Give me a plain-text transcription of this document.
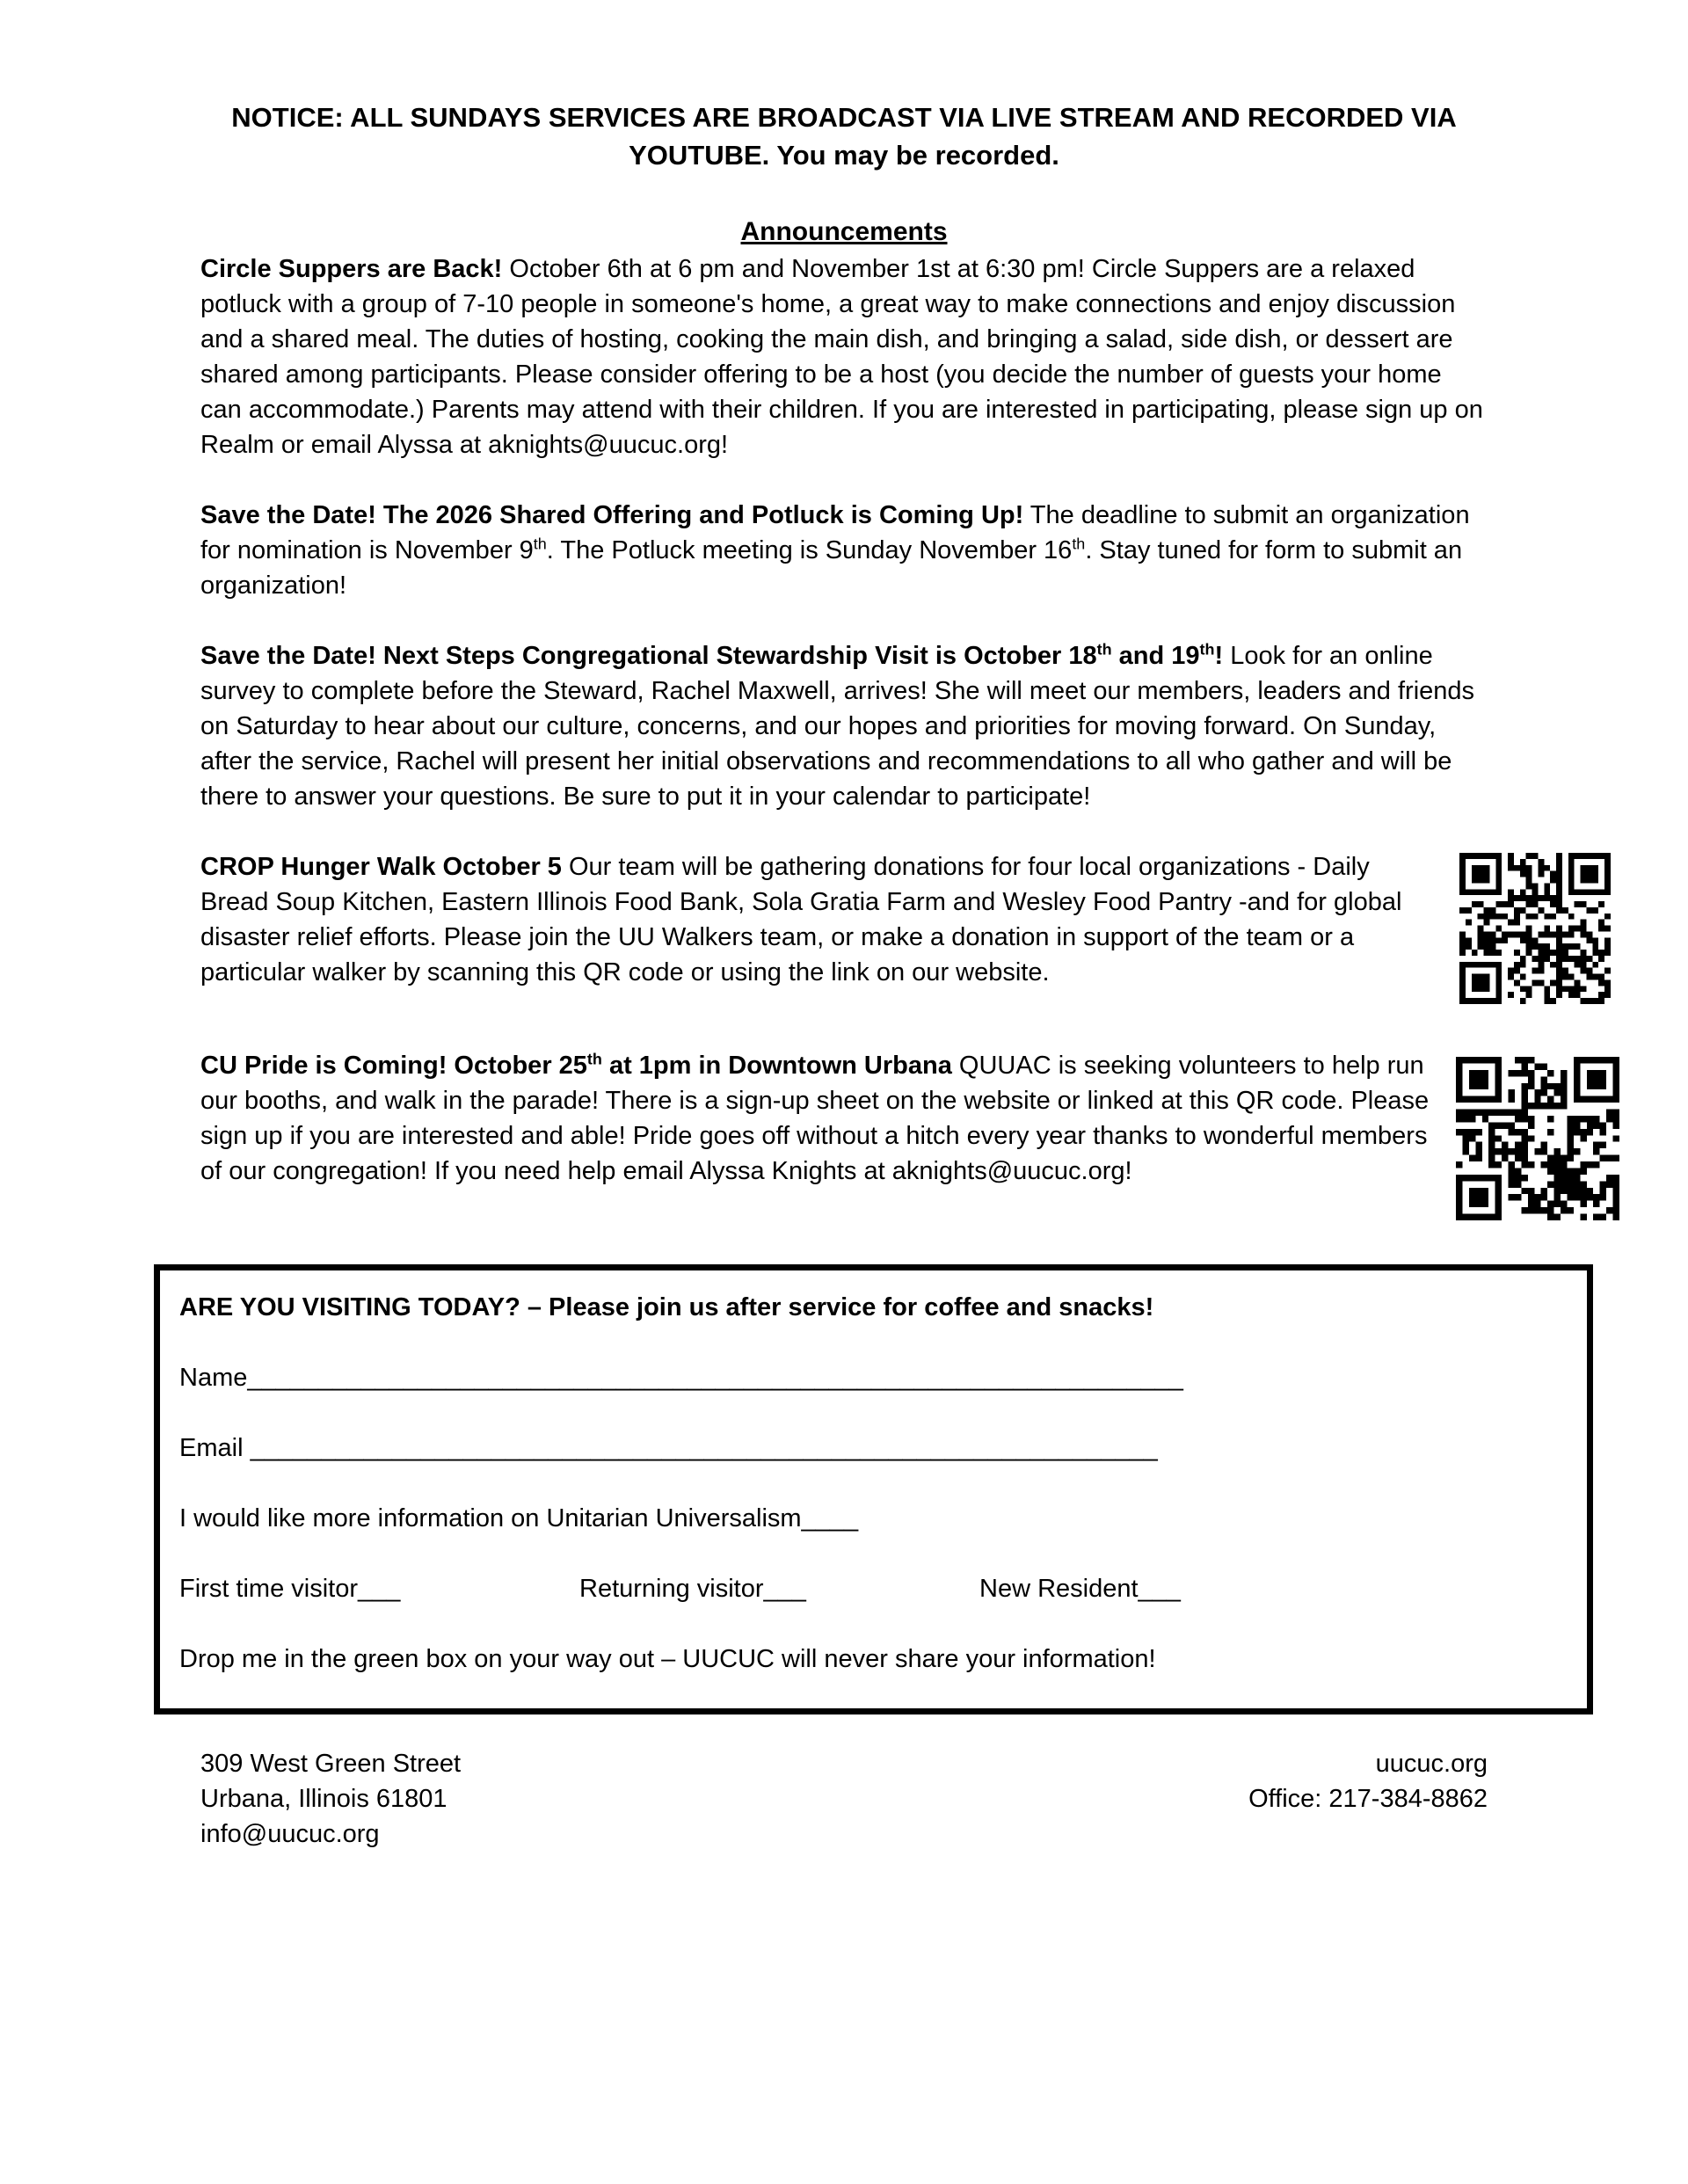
NOTICE: ALL SUNDAYS SERVICES ARE BROADCAST VIA LIVE STREAM AND RECORDED VIA YOUTUBE. You may be recorded.
Announcements

Circle Suppers are Back! October 6th at 6 pm and November 1st at 6:30 pm! Circle Suppers are a relaxed potluck with a group of 7-10 people in someone's home, a great way to make connections and enjoy discussion and a shared meal. The duties of hosting, cooking the main dish, and bringing a salad, side dish, or dessert are shared among participants. Please consider offering to be a host (you decide the number of guests your home can accommodate.) Parents may attend with their children. If you are interested in participating, please sign up on Realm or email Alyssa at aknights@uucuc.org!

Save the Date! The 2026 Shared Offering and Potluck is Coming Up! The deadline to submit an organization for nomination is November 9th. The Potluck meeting is Sunday November 16th. Stay tuned for form to submit an organization!

Save the Date! Next Steps Congregational Stewardship Visit is October 18th and 19th! Look for an online survey to complete before the Steward, Rachel Maxwell, arrives! She will meet our members, leaders and friends on Saturday to hear about our culture, concerns, and our hopes and priorities for moving forward. On Sunday, after the service, Rachel will present her initial observations and recommendations to all who gather and will be there to answer your questions. Be sure to put it in your calendar to participate!

CROP Hunger Walk October 5 Our team will be gathering donations for four local organizations - Daily Bread Soup Kitchen, Eastern Illinois Food Bank, Sola Gratia Farm and Wesley Food Pantry -and for global disaster relief efforts. Please join the UU Walkers team, or make a donation in support of the team or a particular walker by scanning this QR code or using the link on our website.
CU Pride is Coming! October 25th at 1pm in Downtown Urbana QUUAC is seeking volunteers to help run our booths, and walk in the parade! There is a sign-up sheet on the website or linked at this QR code. Please sign up if you are interested and able! Pride goes off without a hitch every year thanks to wonderful members of our congregation! If you need help email Alyssa Knights at aknights@uucuc.org!
ARE YOU VISITING TODAY? – Please join us after service for coffee and snacks!
Name__________________________________________________________________
Email ________________________________________________________________
I would like more information on Unitarian Universalism____
First time visitor___	Returning visitor___	New Resident___
Drop me in the green box on your way out – UUCUC will never share your information!
309 West Green Street
Urbana, Illinois 61801
info@uucuc.org
uucuc.org
Office: 217-384-8862
